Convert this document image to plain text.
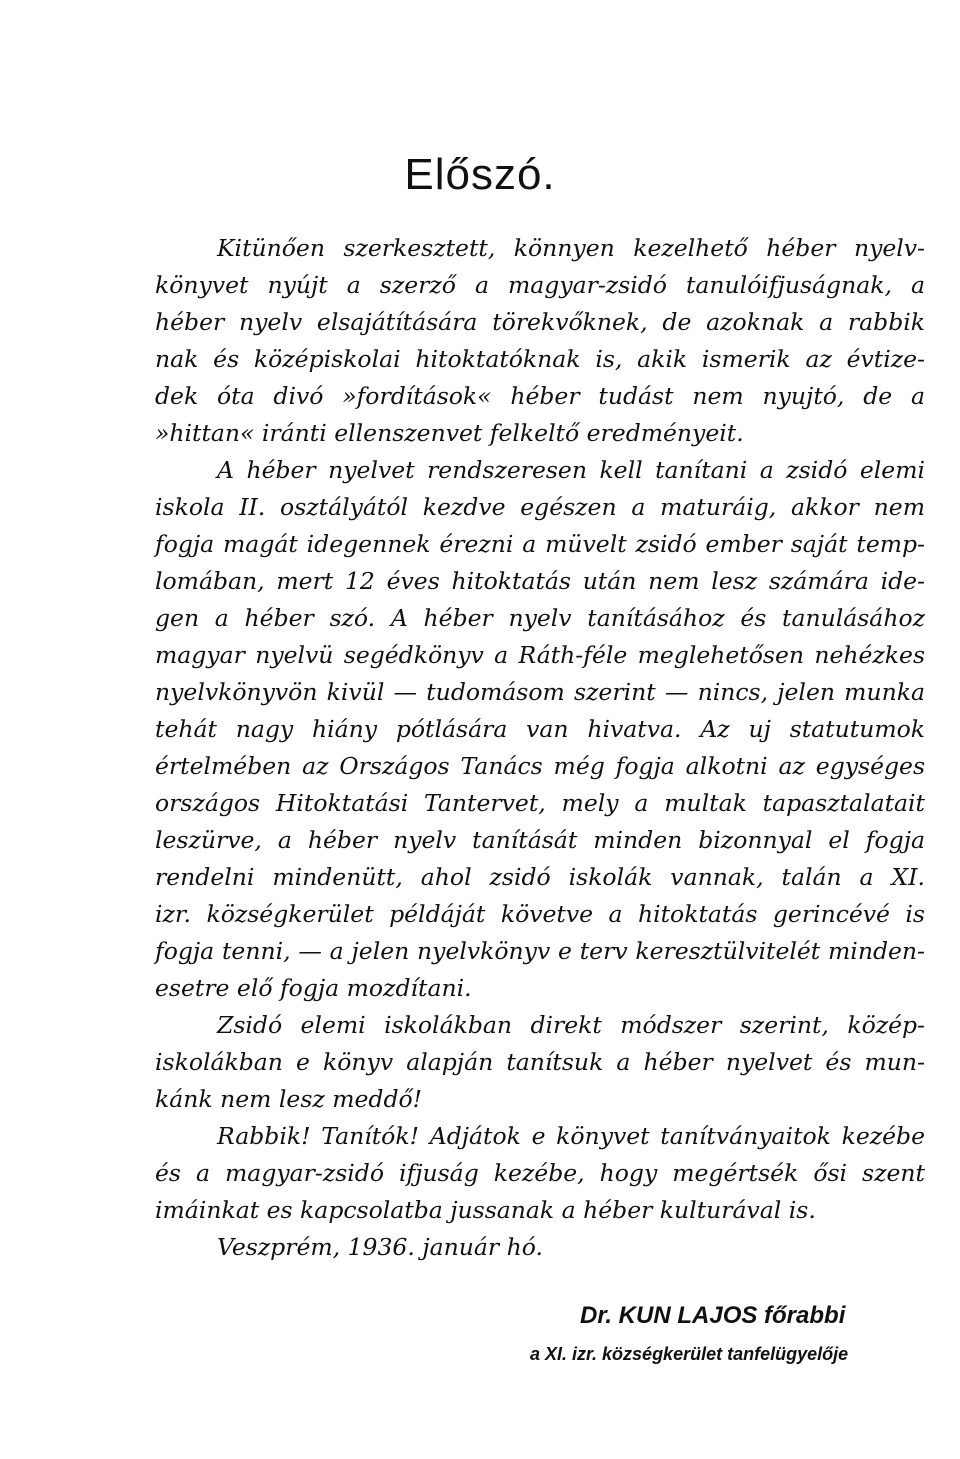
Előszó.
Kitünően szerkesztett, könnyen kezelhető héber nyelv-
könyvet nyújt a szerző a magyar-zsidó tanulóifjuságnak, a
héber nyelv elsajátítására törekvőknek, de azoknak a rabbik
nak és középiskolai hitoktatóknak is, akik ismerik az évtize-
dek óta divó »fordítások« héber tudást nem nyujtó, de a
»hittan« iránti ellenszenvet felkeltő eredményeit.
A héber nyelvet rendszeresen kell tanítani a zsidó elemi
iskola II. osztályától kezdve egészen a maturáig, akkor nem
fogja magát idegennek érezni a müvelt zsidó ember saját temp-
lomában, mert 12 éves hitoktatás után nem lesz számára ide-
gen a héber szó. A héber nyelv tanításához és tanulásához
magyar nyelvü segédkönyv a Ráth-féle meglehetősen nehézkes
nyelvkönyvön kivül — tudomásom szerint — nincs, jelen munka
tehát nagy hiány pótlására van hivatva. Az uj statutumok
értelmében az Országos Tanács még fogja alkotni az egységes
országos Hitoktatási Tantervet, mely a multak tapasztalatait
leszürve, a héber nyelv tanítását minden bizonnyal el fogja
rendelni mindenütt, ahol zsidó iskolák vannak, talán a XI.
izr. községkerület példáját követve a hitoktatás gerincévé is
fogja tenni, — a jelen nyelvkönyv e terv keresztülvitelét minden-
esetre elő fogja mozdítani.
Zsidó elemi iskolákban direkt módszer szerint, közép-
iskolákban e könyv alapján tanítsuk a héber nyelvet és mun-
kánk nem lesz meddő!
Rabbik! Tanítók! Adjátok e könyvet tanítványaitok kezébe
és a magyar-zsidó ifjuság kezébe, hogy megértsék ősi szent
imáinkat es kapcsolatba jussanak a héber kulturával is.
Veszprém, 1936. január hó.
Dr. KUN LAJOS főrabbi
a XI. izr. községkerület tanfelügyelője
